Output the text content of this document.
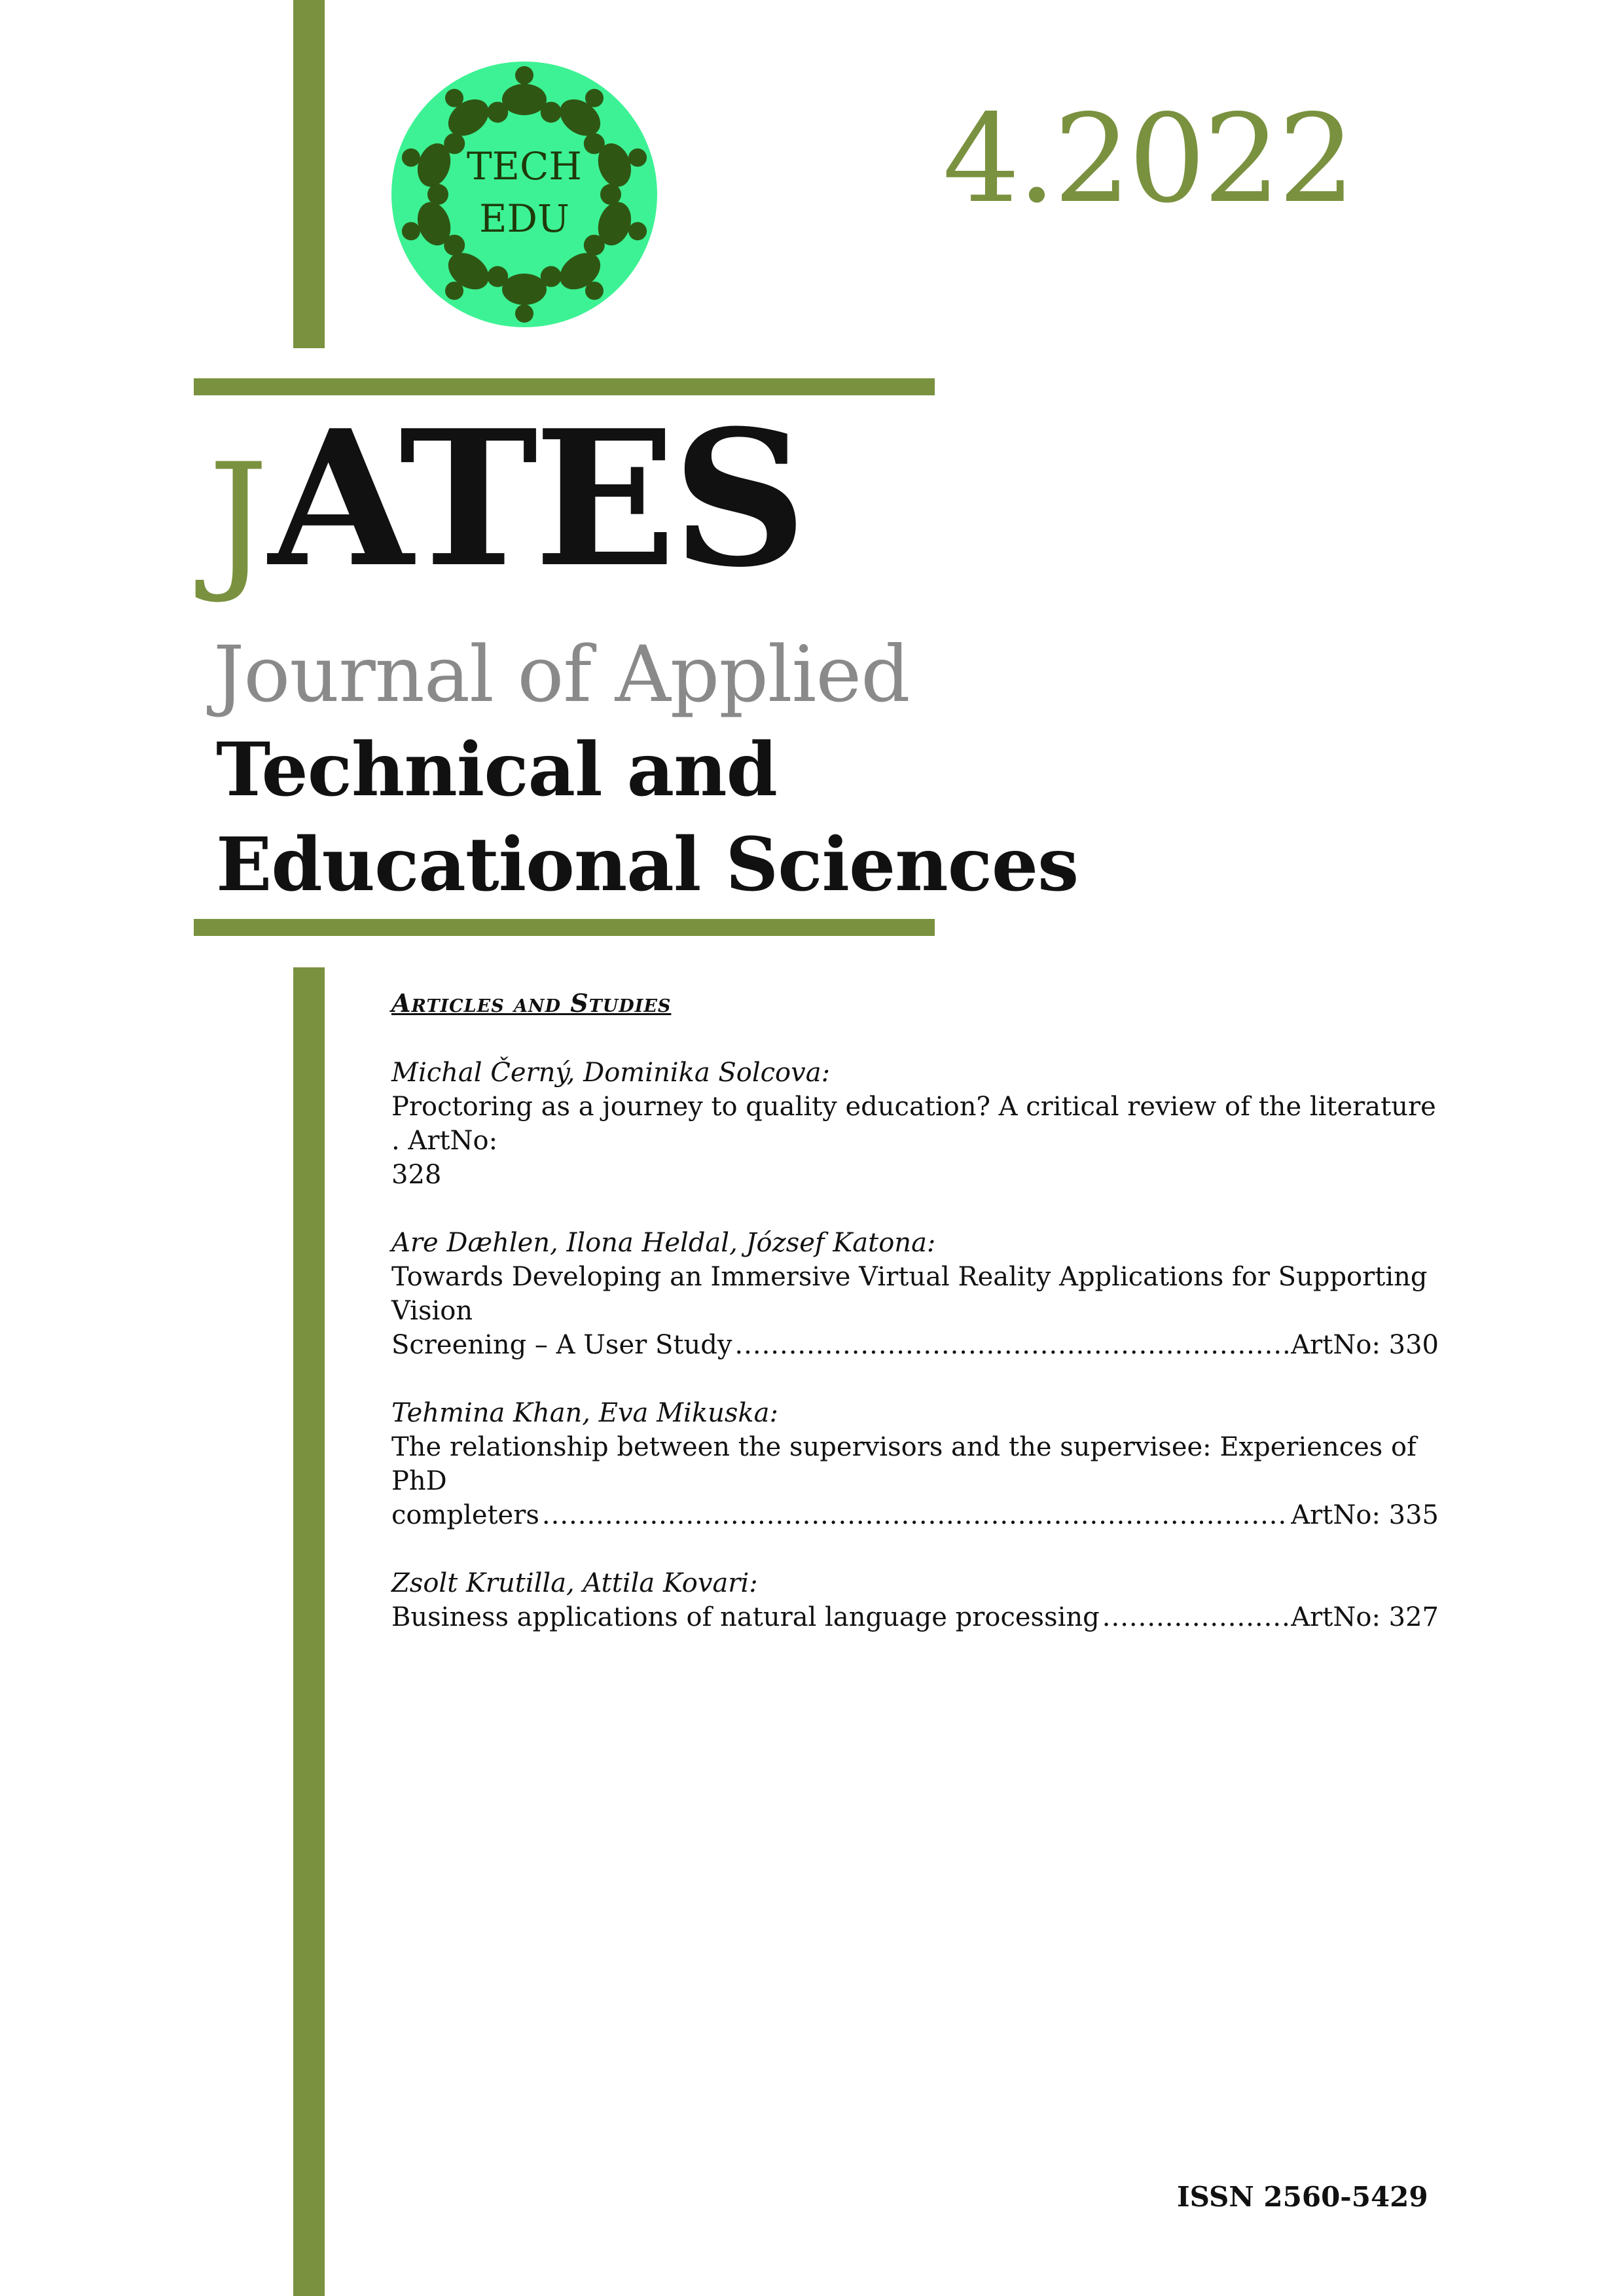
TECH
EDU	4.2022
JATES
Journal of Applied
Technical and
Educational Sciences
Articles and Studies
Michal Černý, Dominika Solcova:
Proctoring as a journey to quality education? A critical review of the literature . ArtNo:
328
Are Dæhlen, Ilona Heldal, József Katona:
Towards Developing an Immersive Virtual Reality Applications for Supporting Vision
Screening – A User Study .....	ArtNo: 330
Tehmina Khan, Eva Mikuska:
The relationship between the supervisors and the supervisee: Experiences of PhD
completers .....	ArtNo: 335
Zsolt Krutilla, Attila Kovari:
Business applications of natural language processing .....	ArtNo: 327
ISSN 2560-5429
